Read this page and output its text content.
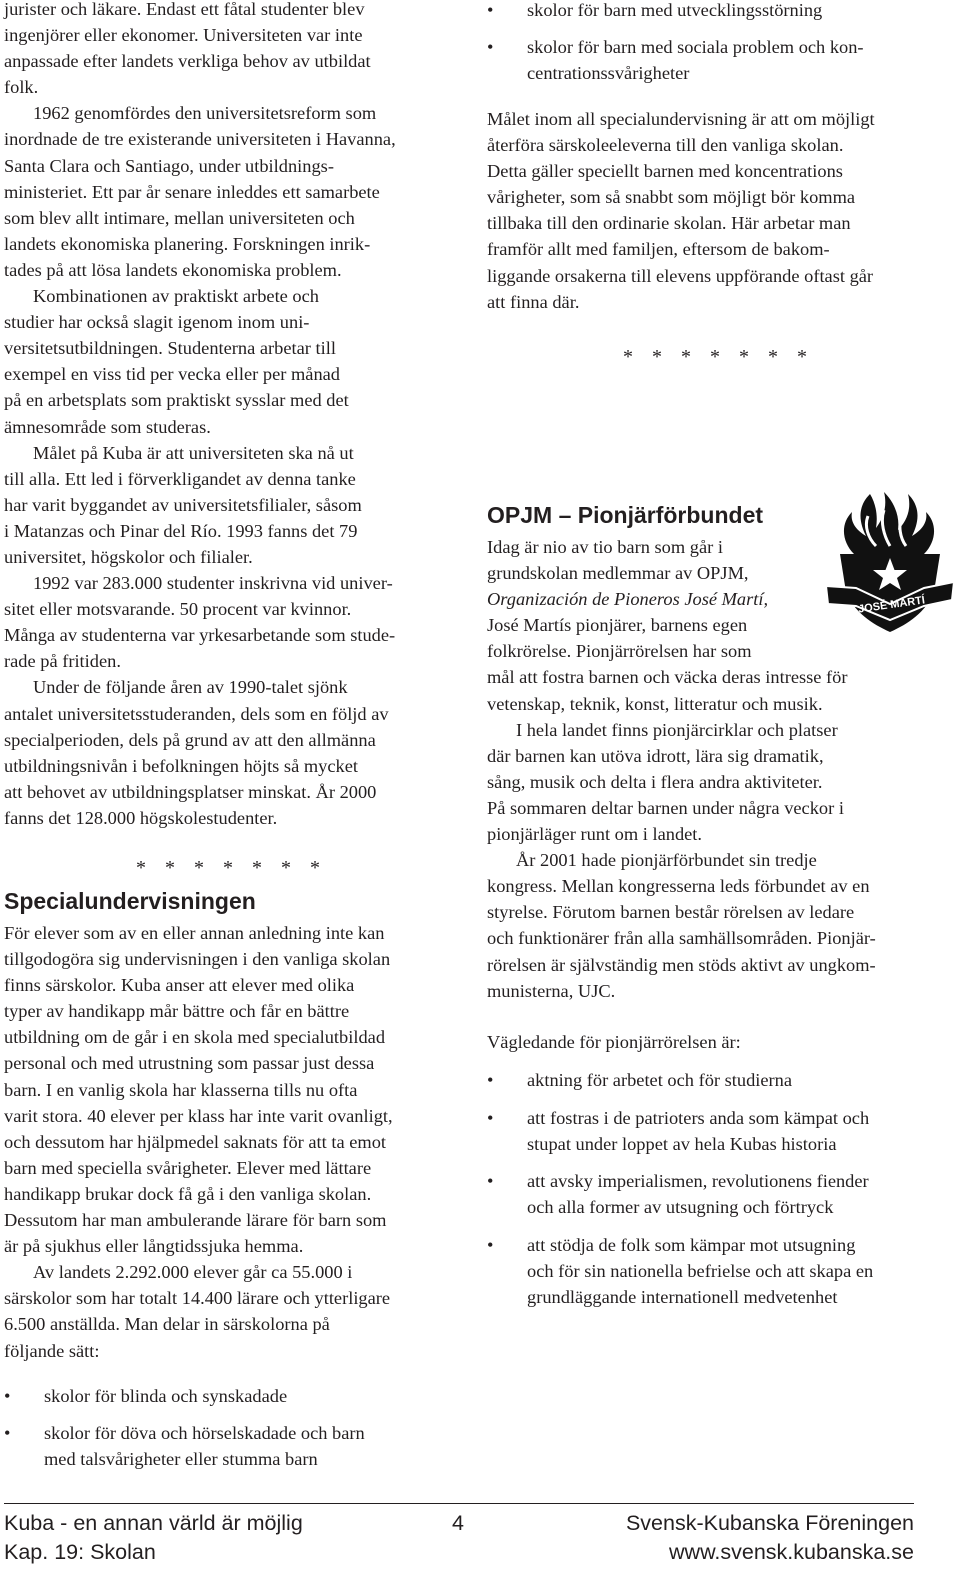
jurister och läkare. Endast ett fåtal studenter blev
ingenjörer eller ekonomer. Universiteten var inte
anpassade efter landets verkliga behov av utbildat
folk.
1962 genomfördes den universitetsreform som
inordnade de tre existerande universiteten i Havanna,
Santa Clara och Santiago, under utbildnings-
ministeriet. Ett par år senare inleddes ett samarbete
som blev allt intimare, mellan universiteten och
landets ekonomiska planering. Forskningen inrik-
tades på att lösa landets ekonomiska problem.
Kombinationen av praktiskt arbete och
studier har också slagit igenom inom uni-
versitetsutbildningen. Studenterna arbetar till
exempel en viss tid per vecka eller per månad
på en arbetsplats som praktiskt sysslar med det
ämnesområde som studeras.
Målet på Kuba är att universiteten ska nå ut
till alla. Ett led i förverkligandet av denna tanke
har varit byggandet av universitetsfilialer, såsom
i Matanzas och Pinar del Río. 1993 fanns det 79
universitet, högskolor och filialer.
1992 var 283.000 studenter inskrivna vid univer-
sitet eller motsvarande. 50 procent var kvinnor.
Många av studenterna var yrkesarbetande som stude-
rade på fritiden.
Under de följande åren av 1990-talet sjönk
antalet universitetsstuderanden, dels som en följd av
specialperioden, dels på grund av att den allmänna
utbildningsnivån i befolkningen höjts så mycket
att behovet av utbildningsplatser minskat. År 2000
fanns det 128.000 högskolestudenter.
* * * * * * *
Specialundervisningen
För elever som av en eller annan anledning inte kan
tillgodogöra sig undervisningen i den vanliga skolan
finns särskolor. Kuba anser att elever med olika
typer av handikapp mår bättre och får en bättre
utbildning om de går i en skola med specialutbildad
personal och med utrustning som passar just dessa
barn. I en vanlig skola har klasserna tills nu ofta
varit stora. 40 elever per klass har inte varit ovanligt,
och dessutom har hjälpmedel saknats för att ta emot
barn med speciella svårigheter. Elever med lättare
handikapp brukar dock få gå i den vanliga skolan.
Dessutom har man ambulerande lärare för barn som
är på sjukhus eller långtidssjuka hemma.
Av landets 2.292.000 elever går ca 55.000 i
särskolor som har totalt 14.400 lärare och ytterligare
6.500 anställda. Man delar in särskolorna på
följande sätt:
• skolor för blinda och synskadade
• skolor för döva och hörselskadade och barn
med talsvårigheter eller stumma barn
• skolor för barn med utvecklingsstörning
• skolor för barn med sociala problem och kon-
centrationssvårigheter
Målet inom all specialundervisning är att om möjligt
återföra särskoleeleverna till den vanliga skolan.
Detta gäller speciellt barnen med koncentrations
vårigheter, som så snabbt som möjligt bör komma
tillbaka till den ordinarie skolan. Här arbetar man
framför allt med familjen, eftersom de bakom-
liggande orsakerna till elevens uppförande oftast går
att finna där.
* * * * * * *
OPJM – Pionjärförbundet
Idag är nio av tio barn som går i
grundskolan medlemmar av OPJM,
Organización de Pioneros José Martí,
José Martís pionjärer, barnens egen
folkrörelse. Pionjärrörelsen har som
mål att fostra barnen och väcka deras intresse för
vetenskap, teknik, konst, litteratur och musik.
I hela landet finns pionjärcirklar och platser
där barnen kan utöva idrott, lära sig dramatik,
sång, musik och delta i flera andra aktiviteter.
På sommaren deltar barnen under några veckor i
pionjärläger runt om i landet.
År 2001 hade pionjärförbundet sin tredje
kongress. Mellan kongresserna leds förbundet av en
styrelse. Förutom barnen består rörelsen av ledare
och funktionärer från alla samhällsområden. Pionjär-
rörelsen är självständig men stöds aktivt av ungkom-
munisterna, UJC.
Vägledande för pionjärrörelsen är:
• aktning för arbetet och för studierna
• att fostras i de patrioters anda som kämpat och
stupat under loppet av hela Kubas historia
• att avsky imperialismen, revolutionens fiender
och alla former av utsugning och förtryck
• att stödja de folk som kämpar mot utsugning
och för sin nationella befrielse och att skapa en
grundläggande internationell medvetenhet
JOSÉ MARTÍ
Kuba - en annan värld är möjlig
Kap. 19: Skolan
4	Svensk-Kubanska Föreningen
www.svensk.kubanska.se
